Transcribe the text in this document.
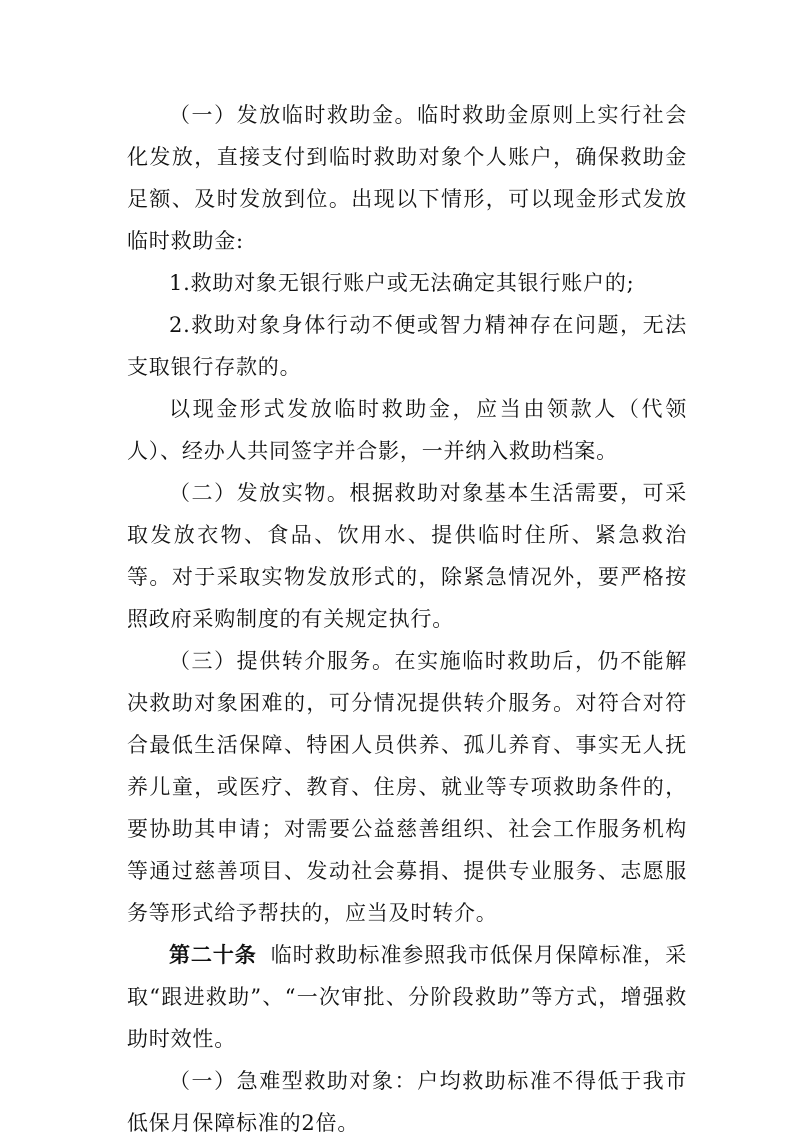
（一）发放临时救助金。临时救助金原则上实行社会化发放，直接支付到临时救助对象个人账户，确保救助金足额、及时发放到位。出现以下情形，可以现金形式发放临时救助金:

1.救助对象无银行账户或无法确定其银行账户的;

2.救助对象身体行动不便或智力精神存在问题，无法支取银行存款的。

以现金形式发放临时救助金，应当由领款人（代领人）、经办人共同签字并合影，一并纳入救助档案。

（二）发放实物。根据救助对象基本生活需要，可采取发放衣物、食品、饮用水、提供临时住所、紧急救治等。对于采取实物发放形式的，除紧急情况外，要严格按照政府采购制度的有关规定执行。

（三）提供转介服务。在实施临时救助后，仍不能解决救助对象困难的，可分情况提供转介服务。对符合对符合最低生活保障、特困人员供养、孤儿养育、事实无人抚养儿童，或医疗、教育、住房、就业等专项救助条件的，要协助其申请；对需要公益慈善组织、社会工作服务机构等通过慈善项目、发动社会募捐、提供专业服务、志愿服务等形式给予帮扶的，应当及时转介。

第二十条 临时救助标准参照我市低保月保障标准，采取“跟进救助”、“一次审批、分阶段救助”等方式，增强救助时效性。

（一）急难型救助对象：户均救助标准不得低于我市低保月保障标准的2倍。
